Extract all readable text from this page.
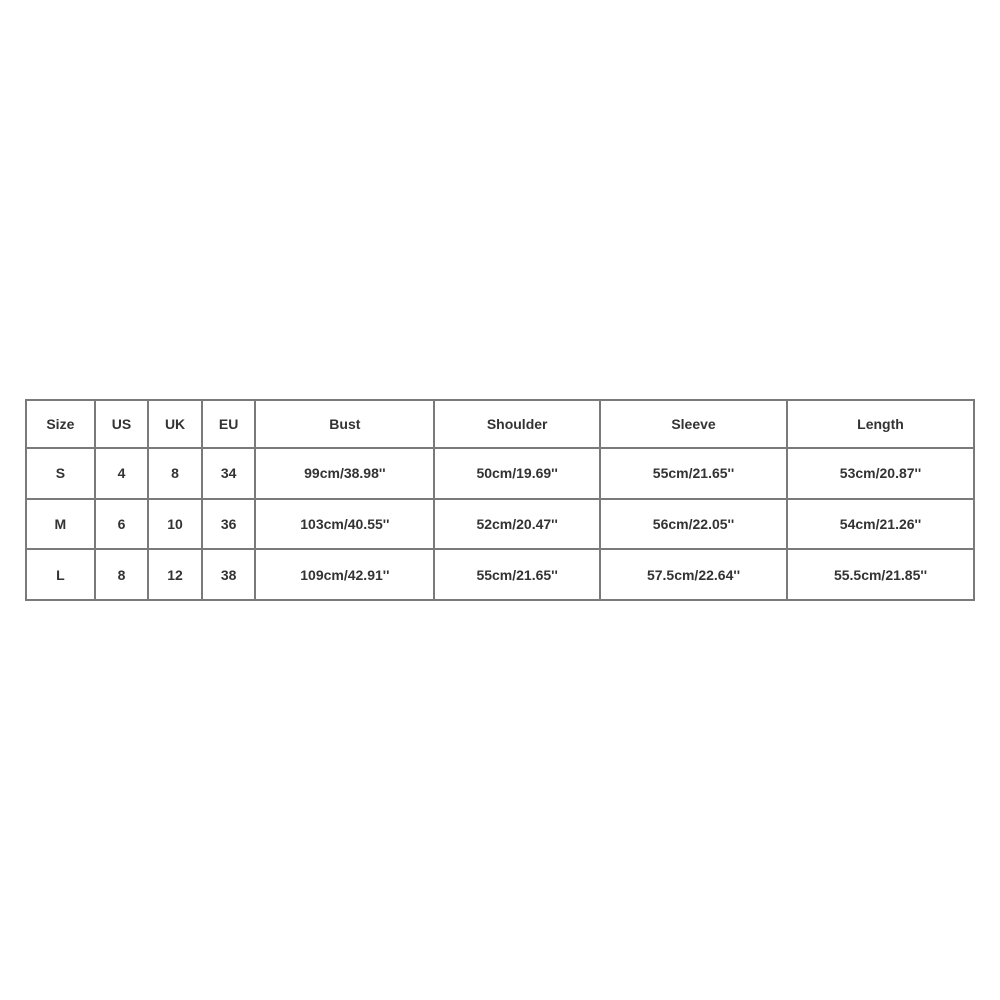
Size	US	UK	EU	Bust	Shoulder	Sleeve	Length
S	4	8	34	99cm/38.98''	50cm/19.69''	55cm/21.65''	53cm/20.87''
M	6	10	36	103cm/40.55''	52cm/20.47''	56cm/22.05''	54cm/21.26''
L	8	12	38	109cm/42.91''	55cm/21.65''	57.5cm/22.64''	55.5cm/21.85''
